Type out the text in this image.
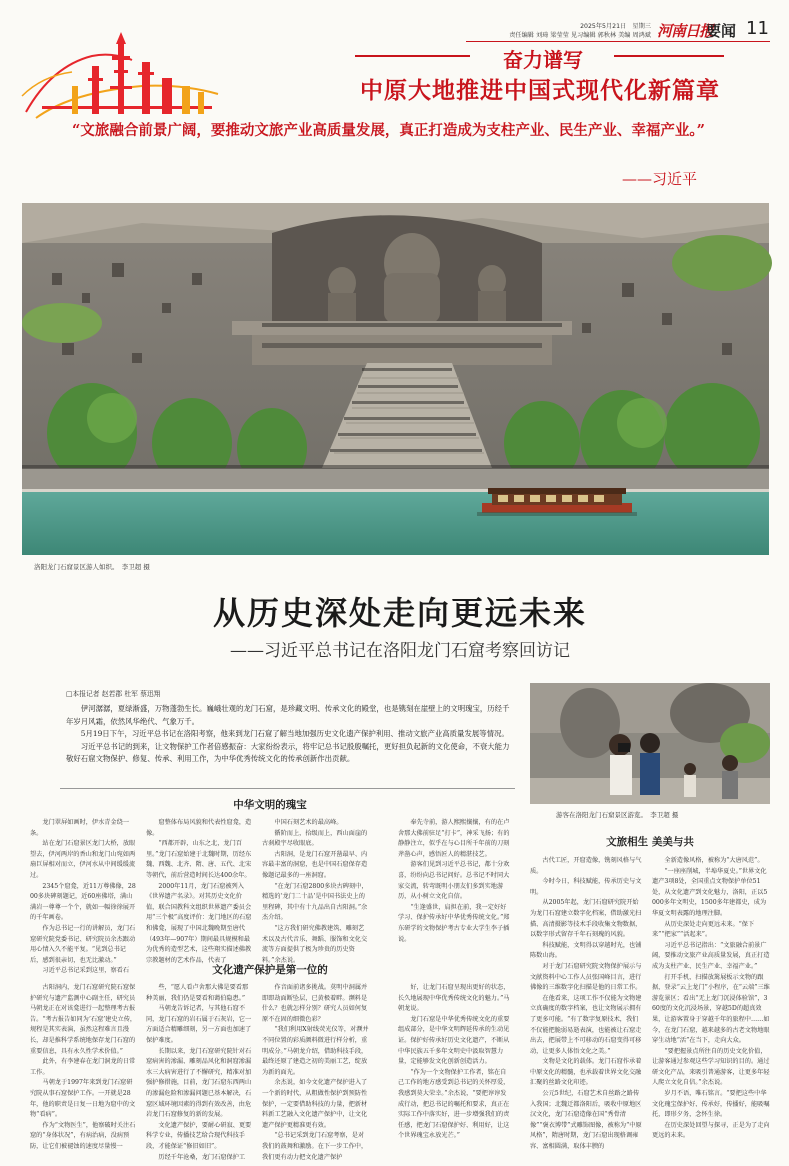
2025年5月21日　星期三
责任编辑 刘琦 梁莹莹 见习编辑 郭秋林 美编 周鸿斌 河南日报
要闻 11
奋力谱写
中原大地推进中国式现代化新篇章
“文旅融合前景广阔，要推动文旅产业高质量发展，真正打造成为支柱产业、民生产业、幸福产业。”
——习近平
洛阳龙门石窟景区游人如织。　李卫超 摄
从历史深处走向更远未来
——习近平总书记在洛阳龙门石窟考察回访记
□本报记者 赵若郡 杜军 蔡迅翔

伊河潺潺，夏绿渐盛，万物蓬勃生长。巍峨壮观的龙门石窟，是珍藏文明、传承文化的殿堂，也是镌刻在崖壁上的文明瑰宝，历经千年岁月风霜，依然风华绝代、气象万千。

5月19日下午，习近平总书记在洛阳考察，他来到龙门石窟了解当地加强历史文化遗产保护利用、推动文旅产业高质量发展等情况。

习近平总书记的到来，让文物保护工作者倍感振奋：大家纷纷表示，将牢记总书记殷殷嘱托，更好担负起新的文化使命，不衰大能力敬好石窟文物保护、修复、传承、利用工作，为中华优秀传统文化的传承创新作出贡献。

游客在洛阳龙门石窟景区游览。　李卫超 摄
中华文明的瑰宝

龙门翠屏如画时，伊水青金绕一条。

站在龙门石窟景区龙门大桥，放眼望去，伊河两岸的香山和龙门山宛如两扇巨屏相对而立，伊河水从中间缓缓流过。

2345个窟龛，近11万尊佛像，2800多块碑刻题记，近60座佛塔，满山满岩一尊尊一个个，就如一幅徐徐展开的千年画卷。

作为总书记一行的讲解员，龙门石窟研究院党委书记、研究院员余杰跟动用心情入久不能平复。“见到总书记后，感到很亲切，也无比激动。”

习近平总书记采到这里，察看石

窟整体布局风貌和代表性窟龛，造像。

“西都开辟，山东之北，龙门百里。”龙门石窟始建于北魏时期，历经东魏、西魏、北齐、隋、唐、五代、北宋等朝代，前后营造时间长达400余年。

2000年11月，龙门石窟被列入《世界遗产名录》。对其历史文化价值，联合国教科文组织世界遗产委员会用“三个极”高度评价：龙门地区的石窟和佛龛，展现了中国北魏晚期至唐代（493年—907年）期间最具规模和最为优秀的造型艺术，这些翔实描述佛教宗教题材的艺术作品，代表了

中国石刻艺术的最高峰。

循阶而上，拾级而上，西山面崖的古刹殿宇尽收眼底。

古阳洞，是龙门石窟开凿最早、内容最丰富的洞窟，也是中国石窟保存造像题记最多的一座洞窟。

“在龙门石窟2800多块古碑刻中，精选的‘龙门二十品’是中国书法史上的里程碑，其中有十九品出自古阳洞。”余杰介绍。

“这方我们研究佛教建筑、雕刻艺术以及古代音乐、舞蹈、服饰和文化交流等方面提供了极为珍贵的历史资料。”余杰说。

奉先寺前，游人熙熙攘攘，有的在卢舍那大佛前驻足“打卡”，神采飞扬；有的静静注立，似乎在与心目所千年前的刀刻斧凿心声，感悟匠人的精湛技艺。

游客们见到习近平总书记，都十分欢喜，纷纷向总书记问好。总书记不时同大家交流，转弯既明小朋友们多到实地游历，从小树立文化自信。

“生逢盛世，肩担在前，我一定好好学习、保护传承好中华优秀传统文化。”郑东研学的文物保护考古专业大学生李子插说。

文化遗产保护是第一位的

古阳洞内，龙门石窟研究院石窟保护研究与遗产监测中心副主任，研究员马朝龙正在对该龛进行一起整理考古报告。“考古报告如同为‘石窟’建史立传，规程是其实表演，虽然这程难言且漫长，却是推科学系统地保存龙门石窟的重要信息，具有永久性学术价值。”

此外，有李建春在龙门洞龙的日常工作。

马朝龙于1997年来到龙门石窟研究院从事石窟保护工作。一开就是28年，他的职责是日复一日地为窟中的文物“看病”。

作为“文物医生”，他察破时关注石窟的“身体状况”，有病治病，没病预防，让它们被褪蚀的速度尽量慢一

些，“愿人看卢舍那大佛是要看那种美丽，我们仍是要看和蔼伯隐患。”

马朝龙告诉记者，与其他石窟不同，龙门石窟的岩石属于石灰岩，它一方面适合精雕细刻，另一方面也加速了保护难度。

长期以来，龙门石窟研究院针对石窟病害的渗漏、雕刻品风化和洞窟渗漏水三大病害进行了不懈研究，精准对加强护修措施，目前，龙门石窟东西两山的渗漏危险和渗漏问题已基本解决，石窟区域环境因素的得到有效改善，由危岩龙门石窟修复的新的发展。

文化遗产保护，要耐心研寂、更要科学专业，传播技艺给合现代科技手段，才能保证“修旧如旧”。

历经千年沧桑，龙门石窟保护工

作音面前诸多挑战。莫明中洞属并即即劫面断坠层，已黄极着畔。濒料是什么？也就怎样分别？研究人员如何复原不在固的细微色彩？

“我们利用X射线荧光仪等，对濒并不同位置的彩质颜料微进行样分析，重明成分。”马朝龙介绍，借助科技手段，最终还原了建造之初的美丽工艺，绽放为新的面光。

余杰说，如今文化遗产保护进入了一个新的时代，从粗做性保护到预防性保护，一定要借助科技的力量，把新材料新工艺融入文化遗产保护中，让文化遗产保护更精准更有效。

“总书记采到龙门石窟考察，是对我们的鼓舞和激励。在下一步工作中，我们更有动力把文化遗产保护

好，让龙门石窟呈现出更好的状态，长久地展现中华优秀传统文化的魅力。”马朝龙说。

龙门石窟是中华优秀传统文化的重要组成部分，是中华文明辉延传承的生动见证。保护好传承好历史文化遗产，不断从中华民族五千多年文明史中汲取智慧力量，定能够发文化创新创造活力。

“作为一个文物保护工作者，铭在自己工作的地方感受到总书记的关怀厚爱，我感到莫大荣幸。”余杰说，“要把谆谆发成行动，把总书记的嘱托和要求，真正在实际工作中落实好，进一步增强我们的责任感，把龙门石窟保护好、利用好，让这个世界瑰宝永放光芒。”

文旅相生 美美与共

古代工匠，开窟造像，镌刻风格与气质。

今时今日，科技赋能，传承历史与文明。

从2005年起，龙门石窟研究院开始为龙门石窟建立数字化档案，借助激光扫描、高清摄影等技术手段收集文物数据，以数字形式留存千年石刻瑰的风貌。

科技赋能，文明得以穿越时光，也铺陈数山海。

对于龙门石窟研究院文物保护展示与文献资料中心工作人员张国峰目言，进行佛像的三维数字化扫描是他的日常工作。

在他看来，这项工作不仅能为文物建立真确度的数字档案，也让文物展示拥有了更多可能。“有了数字复原技术，我们不仅能把脆弱易逝表演，也能被让石窟走出去，把展带上不可移动的石窟变得可移动，让更多人体悟文化之美。”

文物是文化的载体。龙门石窟作承着中原文化的精髓，也承载着世界文化交融汇聚的丝路文化印迹。

公元5世纪，石窟艺术自丝路之路传入我国；北魏迁都洛阳后，吸收中原地区汉文化，龙门石窟造像在国“秀骨清像”“褒衣博带”式雕饰图像，被称为“中原风格”，隋唐时期，龙门石窟出现格调雍容、富相圆满，取体丰腴的

全新造像风格，被称为“大唐风范”。

“一座座削城，半埠华夏史。”世界文化遗产3项8处，全国重点文物保护单位51处，从文化遗产到文化魅力，洛阳，正以5000多年文明史，1500多年建都史，成为华夏文明表露的地理注脚。

从历史深处走向更远未来。“保下来”“把家”“活起来”。

习近平总书记指出：“文旅融合前景广阔，要推动文旅产业高质量发展，真正打造成为支柱产业、民生产业、幸福产业。”

打开手机，扫描放篱展板示文物的跟据，登录“云上龙门”小程序，在“云端”三维游览景区；看出“无上龙门沉浸体验馆”，360度的文化沉浸场景，穿越5D的超真效果，让游客置身于穿越千年的旅程中……如今，在龙门石窟，越来越多的古老文物地眼穿生动地“活”在当下，走向大众。

“要把握景点所往自的历史文化价值，让游客通过参观这些学习知识的目的。通过研文化产品，来吸引普通游客，让更多年轻人爬立文化自信。”余杰说。

岁月不语，唯石铭言。“要把这些中华文化瑰宝保护好、传承好，传播好，能吸嘱托，即形夕务，念怀生徐。

在历史深处回望与探寻，正是为了走向更远的未来。
